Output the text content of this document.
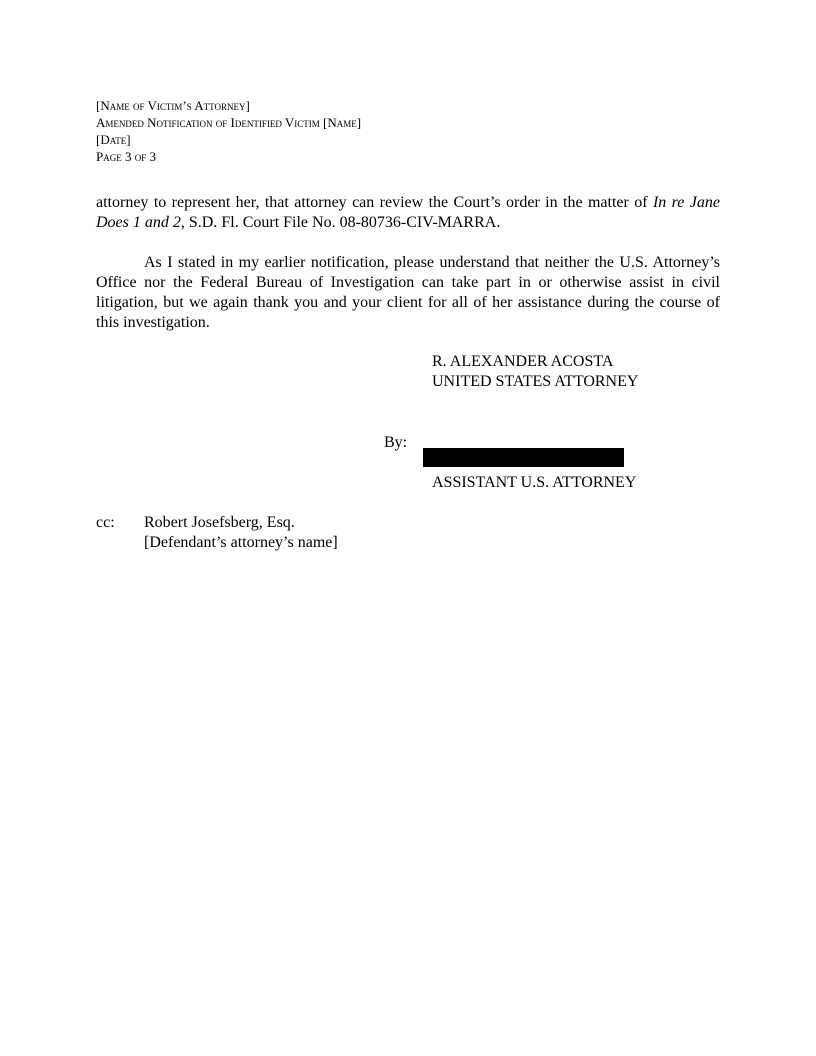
[Name of Victim’s Attorney]
Amended Notification of Identified Victim [Name]
[Date]
Page 3 of 3

attorney to represent her, that attorney can review the Court’s order in the matter of In re Jane Does 1 and 2, S.D. Fl. Court File No. 08-80736-CIV-MARRA.

As I stated in my earlier notification, please understand that neither the U.S. Attorney’s Office nor the Federal Bureau of Investigation can take part in or otherwise assist in civil litigation, but we again thank you and your client for all of her assistance during the course of this investigation.

R. ALEXANDER ACOSTA
UNITED STATES ATTORNEY
By:
ASSISTANT U.S. ATTORNEY
cc: Robert Josefsberg, Esq.
[Defendant’s attorney’s name]
